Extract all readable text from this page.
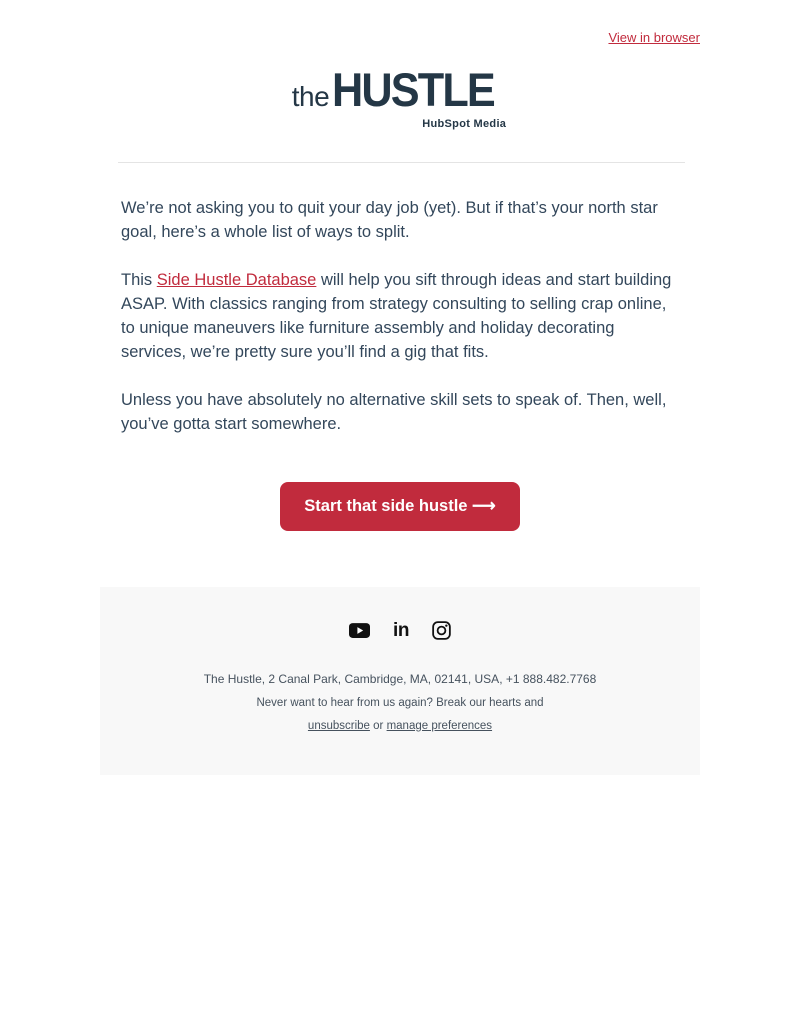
View in browser
the HUSTLE
HubSpot Media

We’re not asking you to quit your day job (yet). But if that’s your north star goal, here’s a whole list of ways to split.

This Side Hustle Database will help you sift through ideas and start building ASAP. With classics ranging from strategy consulting to selling crap online, to unique maneuvers like furniture assembly and holiday decorating services, we’re pretty sure you’ll find a gig that fits.

Unless you have absolutely no alternative skill sets to speak of. Then, well, you’ve gotta start somewhere.

Start that side hustle ⟶
in

The Hustle, 2 Canal Park, Cambridge, MA, 02141, USA, +1 888.482.7768

Never want to hear from us again? Break our hearts and

unsubscribe or manage preferences
